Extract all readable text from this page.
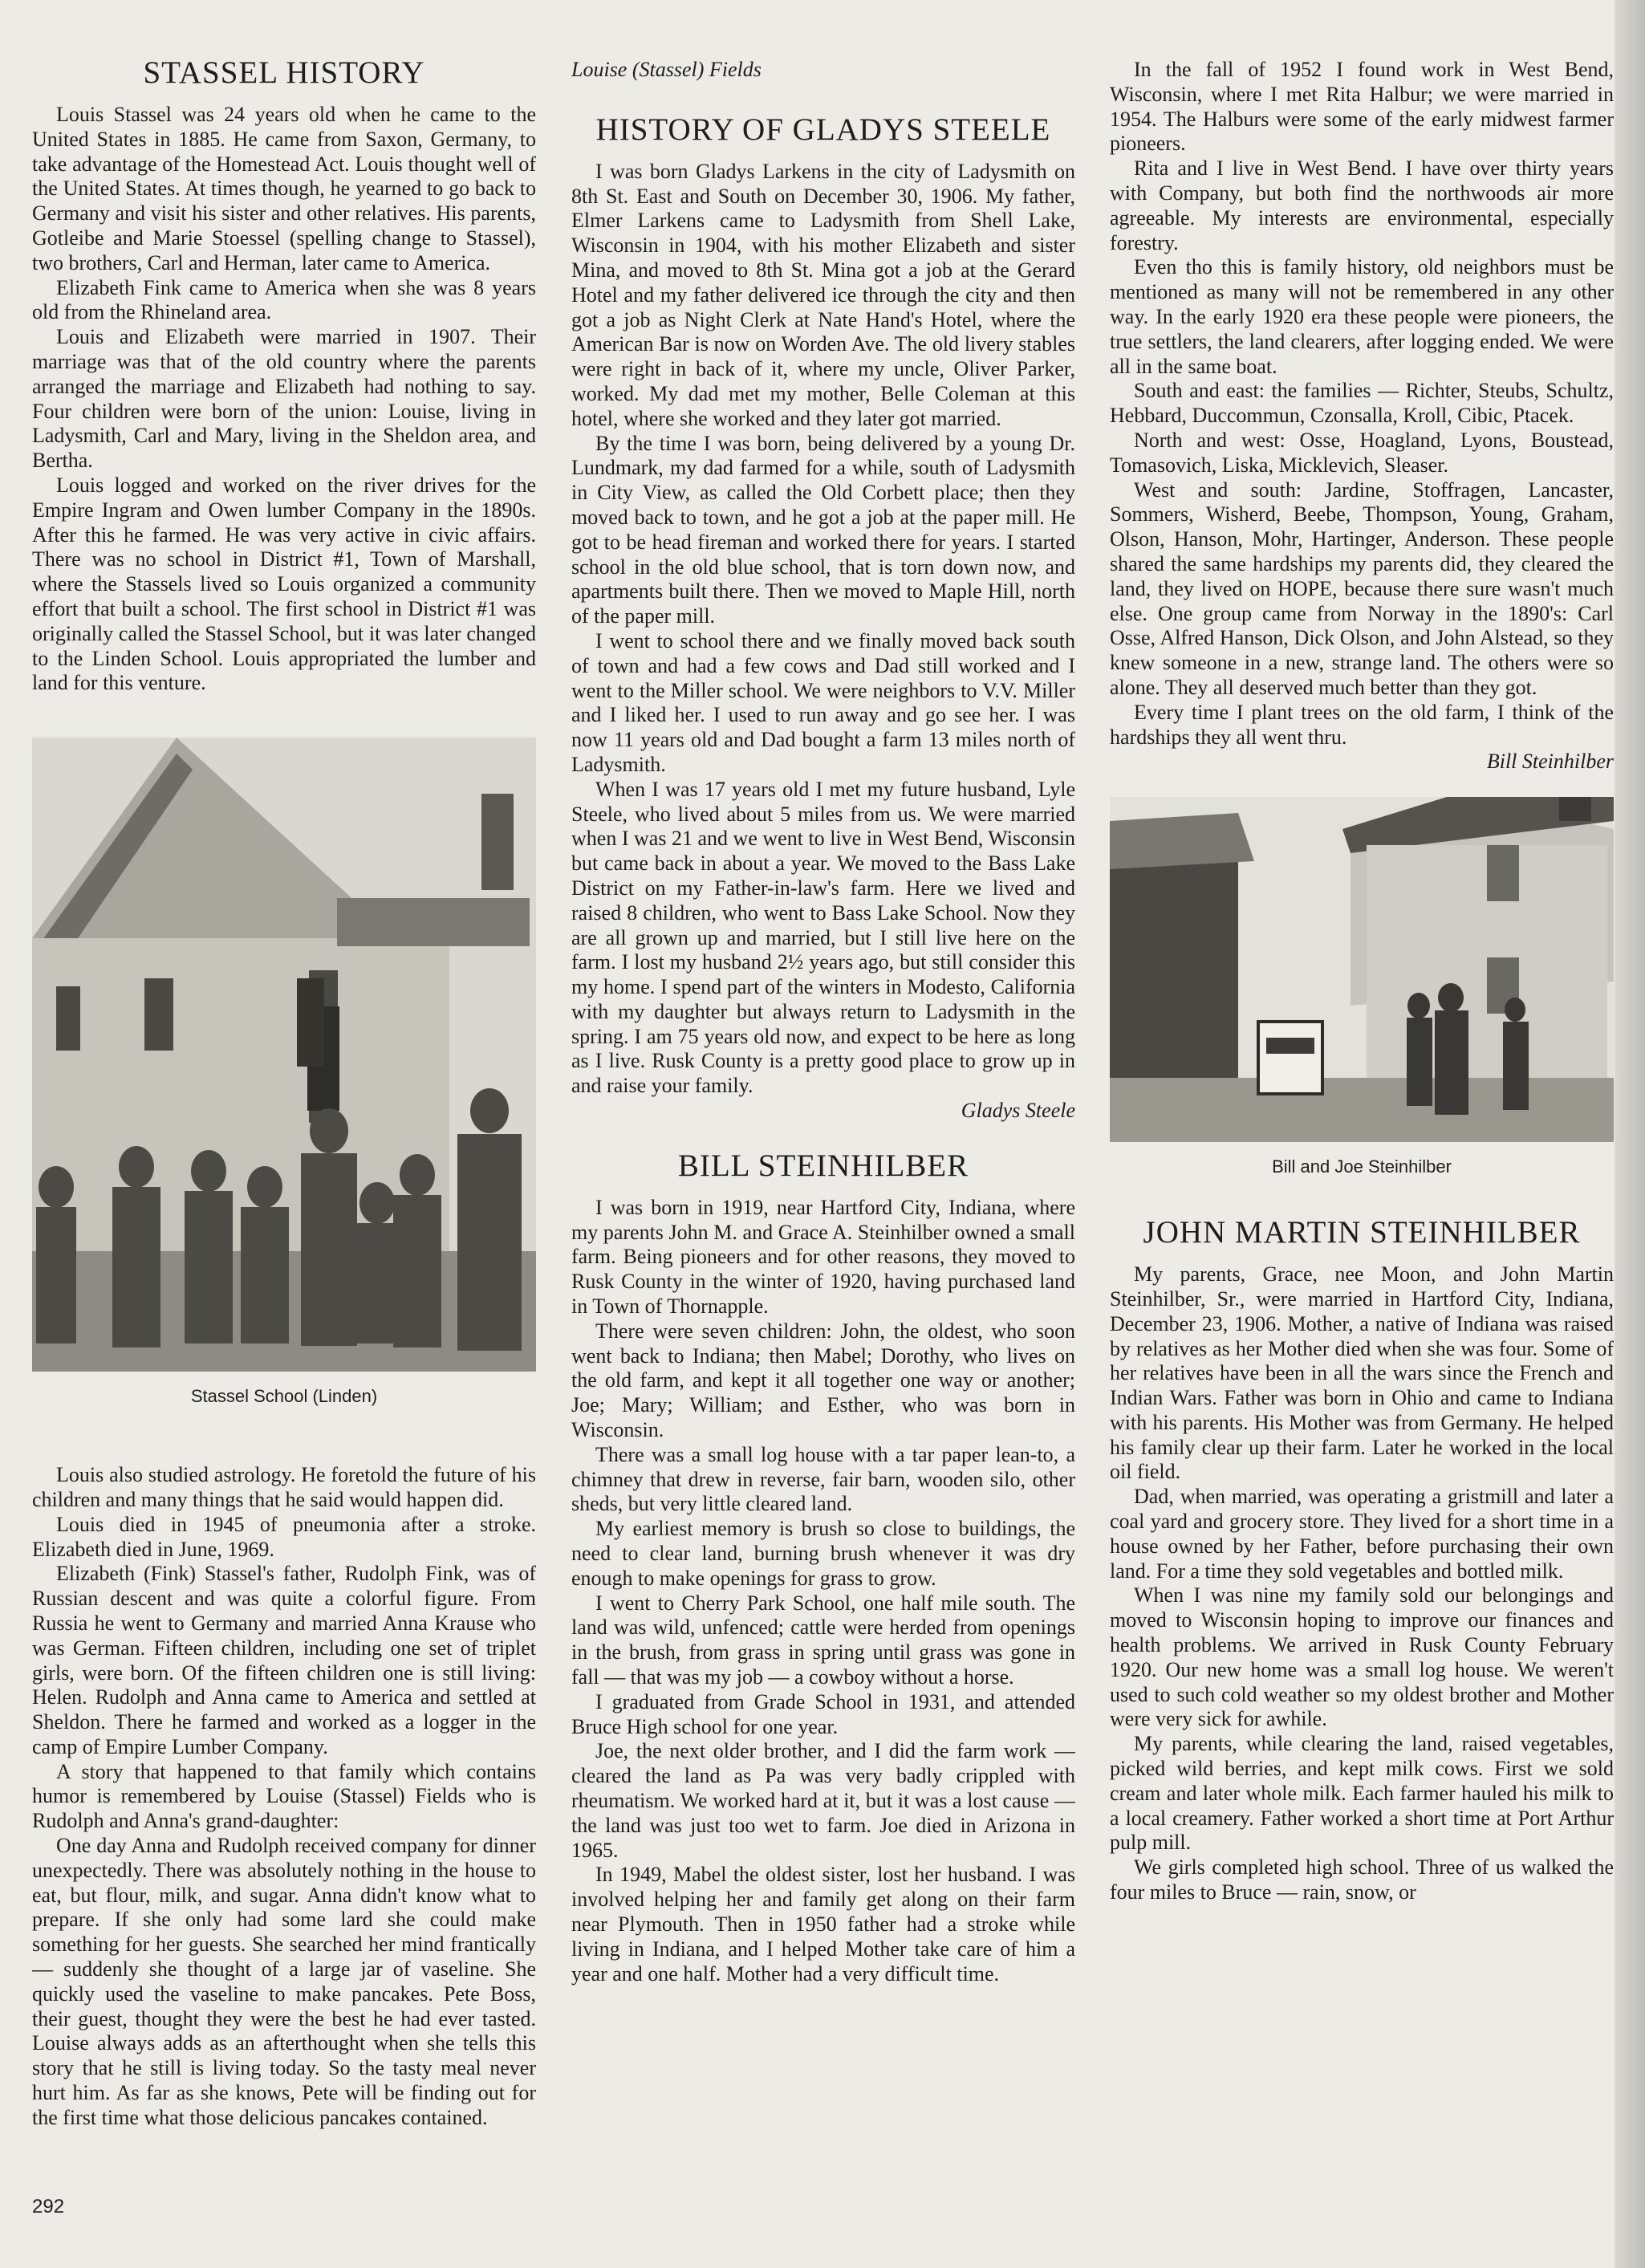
STASSEL HISTORY

Louis Stassel was 24 years old when he came to the United States in 1885. He came from Saxon, Germany, to take advantage of the Homestead Act. Louis thought well of the United States. At times though, he yearned to go back to Germany and visit his sister and other relatives. His parents, Gotleibe and Marie Stoessel (spelling change to Stassel), two brothers, Carl and Herman, later came to America.

Elizabeth Fink came to America when she was 8 years old from the Rhineland area.

Louis and Elizabeth were married in 1907. Their marriage was that of the old country where the parents arranged the marriage and Elizabeth had nothing to say. Four children were born of the union: Louise, living in Ladysmith, Carl and Mary, living in the Sheldon area, and Bertha.

Louis logged and worked on the river drives for the Empire Ingram and Owen lumber Company in the 1890s. After this he farmed. He was very active in civic affairs. There was no school in District #1, Town of Marshall, where the Stassels lived so Louis organized a community effort that built a school. The first school in District #1 was originally called the Stassel School, but it was later changed to the Linden School. Louis appropriated the lumber and land for this venture.

Stassel School (Linden)

Louis also studied astrology. He foretold the future of his children and many things that he said would happen did.

Louis died in 1945 of pneumonia after a stroke. Elizabeth died in June, 1969.

Elizabeth (Fink) Stassel's father, Rudolph Fink, was of Russian descent and was quite a colorful figure. From Russia he went to Germany and married Anna Krause who was German. Fifteen children, including one set of triplet girls, were born. Of the fifteen children one is still living: Helen. Rudolph and Anna came to America and settled at Sheldon. There he farmed and worked as a logger in the camp of Empire Lumber Company.

A story that happened to that family which contains humor is remembered by Louise (Stassel) Fields who is Rudolph and Anna's grand-daughter:

One day Anna and Rudolph received company for dinner unexpectedly. There was absolutely nothing in the house to eat, but flour, milk, and sugar. Anna didn't know what to prepare. If she only had some lard she could make something for her guests. She searched her mind frantically — suddenly she thought of a large jar of vaseline. She quickly used the vaseline to make pancakes. Pete Boss, their guest, thought they were the best he had ever tasted. Louise always adds as an afterthought when she tells this story that he still is living today. So the tasty meal never hurt him. As far as she knows, Pete will be finding out for the first time what those delicious pancakes contained.

Louise (Stassel) Fields

HISTORY OF GLADYS STEELE

I was born Gladys Larkens in the city of Ladysmith on 8th St. East and South on December 30, 1906. My father, Elmer Larkens came to Ladysmith from Shell Lake, Wisconsin in 1904, with his mother Elizabeth and sister Mina, and moved to 8th St. Mina got a job at the Gerard Hotel and my father delivered ice through the city and then got a job as Night Clerk at Nate Hand's Hotel, where the American Bar is now on Worden Ave. The old livery stables were right in back of it, where my uncle, Oliver Parker, worked. My dad met my mother, Belle Coleman at this hotel, where she worked and they later got married.

By the time I was born, being delivered by a young Dr. Lundmark, my dad farmed for a while, south of Ladysmith in City View, as called the Old Corbett place; then they moved back to town, and he got a job at the paper mill. He got to be head fireman and worked there for years. I started school in the old blue school, that is torn down now, and apartments built there. Then we moved to Maple Hill, north of the paper mill.

I went to school there and we finally moved back south of town and had a few cows and Dad still worked and I went to the Miller school. We were neighbors to V.V. Miller and I liked her. I used to run away and go see her. I was now 11 years old and Dad bought a farm 13 miles north of Ladysmith.

When I was 17 years old I met my future husband, Lyle Steele, who lived about 5 miles from us. We were married when I was 21 and we went to live in West Bend, Wisconsin but came back in about a year. We moved to the Bass Lake District on my Father-in-law's farm. Here we lived and raised 8 children, who went to Bass Lake School. Now they are all grown up and married, but I still live here on the farm. I lost my husband 2½ years ago, but still consider this my home. I spend part of the winters in Modesto, California with my daughter but always return to Ladysmith in the spring. I am 75 years old now, and expect to be here as long as I live. Rusk County is a pretty good place to grow up in and raise your family.

Gladys Steele

BILL STEINHILBER

I was born in 1919, near Hartford City, Indiana, where my parents John M. and Grace A. Steinhilber owned a small farm. Being pioneers and for other reasons, they moved to Rusk County in the winter of 1920, having purchased land in Town of Thornapple.

There were seven children: John, the oldest, who soon went back to Indiana; then Mabel; Dorothy, who lives on the old farm, and kept it all together one way or another; Joe; Mary; William; and Esther, who was born in Wisconsin.

There was a small log house with a tar paper lean-to, a chimney that drew in reverse, fair barn, wooden silo, other sheds, but very little cleared land.

My earliest memory is brush so close to buildings, the need to clear land, burning brush whenever it was dry enough to make openings for grass to grow.

I went to Cherry Park School, one half mile south. The land was wild, unfenced; cattle were herded from openings in the brush, from grass in spring until grass was gone in fall — that was my job — a cowboy without a horse.

I graduated from Grade School in 1931, and attended Bruce High school for one year.

Joe, the next older brother, and I did the farm work — cleared the land as Pa was very badly crippled with rheumatism. We worked hard at it, but it was a lost cause — the land was just too wet to farm. Joe died in Arizona in 1965.

In 1949, Mabel the oldest sister, lost her husband. I was involved helping her and family get along on their farm near Plymouth. Then in 1950 father had a stroke while living in Indiana, and I helped Mother take care of him a year and one half. Mother had a very difficult time.

In the fall of 1952 I found work in West Bend, Wisconsin, where I met Rita Halbur; we were married in 1954. The Halburs were some of the early midwest farmer pioneers.

Rita and I live in West Bend. I have over thirty years with Company, but both find the northwoods air more agreeable. My interests are environmental, especially forestry.

Even tho this is family history, old neighbors must be mentioned as many will not be remembered in any other way. In the early 1920 era these people were pioneers, the true settlers, the land clearers, after logging ended. We were all in the same boat.

South and east: the families — Richter, Steubs, Schultz, Hebbard, Duccommun, Czonsalla, Kroll, Cibic, Ptacek.

North and west: Osse, Hoagland, Lyons, Boustead, Tomasovich, Liska, Micklevich, Sleaser.

West and south: Jardine, Stoffragen, Lancaster, Sommers, Wisherd, Beebe, Thompson, Young, Graham, Olson, Hanson, Mohr, Hartinger, Anderson. These people shared the same hardships my parents did, they cleared the land, they lived on HOPE, because there sure wasn't much else. One group came from Norway in the 1890's: Carl Osse, Alfred Hanson, Dick Olson, and John Alstead, so they knew someone in a new, strange land. The others were so alone. They all deserved much better than they got.

Every time I plant trees on the old farm, I think of the hardships they all went thru.

Bill Steinhilber

Bill and Joe Steinhilber
JOHN MARTIN STEINHILBER

My parents, Grace, nee Moon, and John Martin Steinhilber, Sr., were married in Hartford City, Indiana, December 23, 1906. Mother, a native of Indiana was raised by relatives as her Mother died when she was four. Some of her relatives have been in all the wars since the French and Indian Wars. Father was born in Ohio and came to Indiana with his parents. His Mother was from Germany. He helped his family clear up their farm. Later he worked in the local oil field.

Dad, when married, was operating a gristmill and later a coal yard and grocery store. They lived for a short time in a house owned by her Father, before purchasing their own land. For a time they sold vegetables and bottled milk.

When I was nine my family sold our belongings and moved to Wisconsin hoping to improve our finances and health problems. We arrived in Rusk County February 1920. Our new home was a small log house. We weren't used to such cold weather so my oldest brother and Mother were very sick for awhile.

My parents, while clearing the land, raised vegetables, picked wild berries, and kept milk cows. First we sold cream and later whole milk. Each farmer hauled his milk to a local creamery. Father worked a short time at Port Arthur pulp mill.

We girls completed high school. Three of us walked the four miles to Bruce — rain, snow, or

292
